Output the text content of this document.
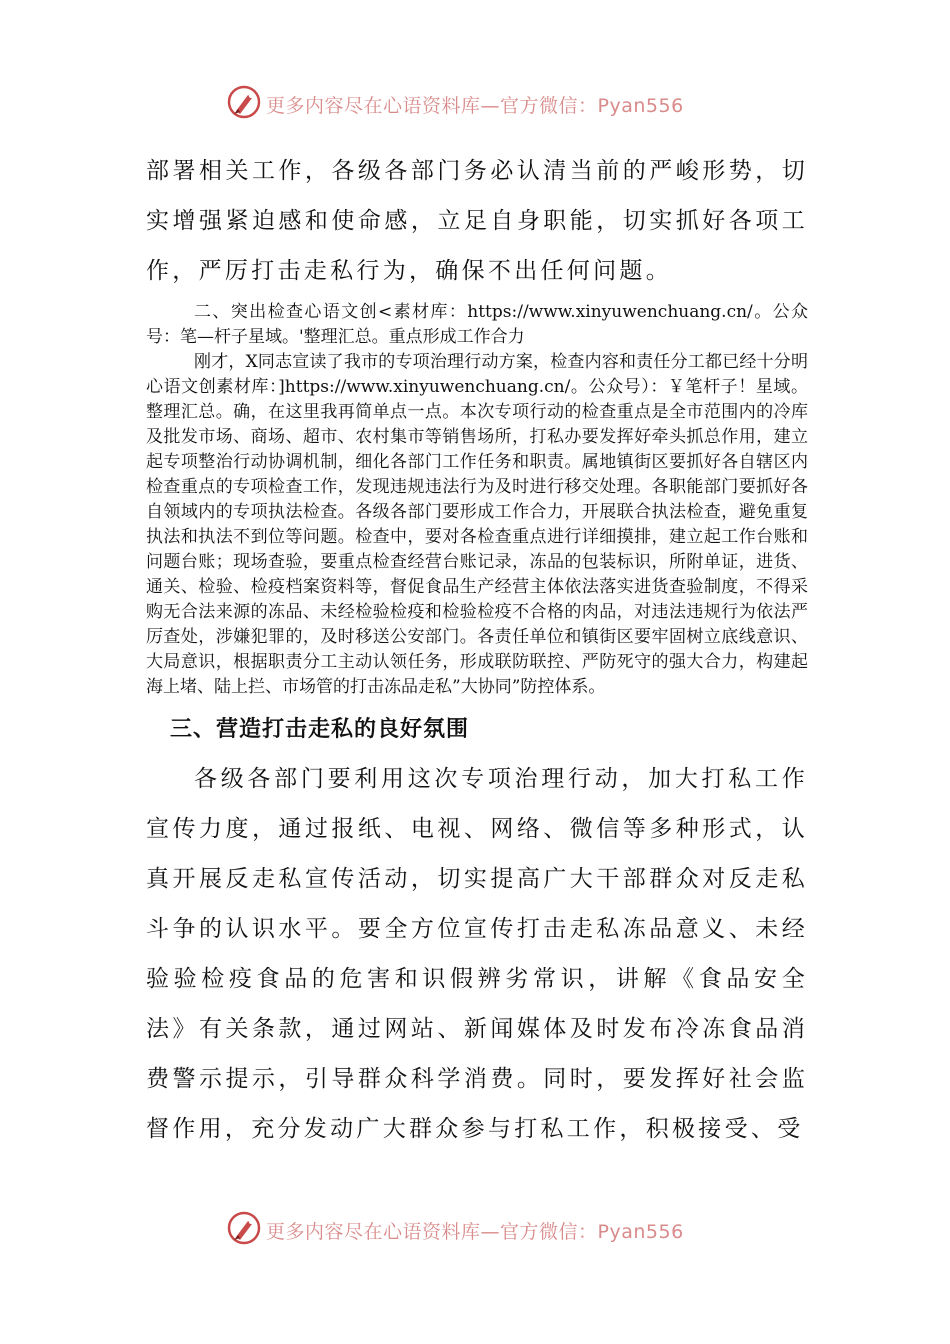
更多内容尽在心语资料库—官方微信：Pyan556

部署相关工作，各级各部门务必认清当前的严峻形势，切实增强紧迫感和使命感，立足自身职能，切实抓好各项工作，严厉打击走私行为，确保不出任何问题。

二、突出检查心语文创<素材库：https://www.xinyuwenchuang.cn/。公众号：笔—杆子星域。'整理汇总。重点形成工作合力

刚才，X同志宣读了我市的专项治理行动方案，检查内容和责任分工都已经十分明心语文创素材库：]https://www.xinyuwenchuang.cn/。公众号）：￥笔杆子！星域。整理汇总。确，在这里我再简单点一点。本次专项行动的检查重点是全市范围内的冷库及批发市场、商场、超市、农村集市等销售场所，打私办要发挥好牵头抓总作用，建立起专项整治行动协调机制，细化各部门工作任务和职责。属地镇街区要抓好各自辖区内检查重点的专项检查工作，发现违规违法行为及时进行移交处理。各职能部门要抓好各自领域内的专项执法检查。各级各部门要形成工作合力，开展联合执法检查，避免重复执法和执法不到位等问题。检查中，要对各检查重点进行详细摸排，建立起工作台账和问题台账；现场查验，要重点检查经营台账记录，冻品的包装标识，所附单证，进货、通关、检验、检疫档案资料等，督促食品生产经营主体依法落实进货查验制度，不得采购无合法来源的冻品、未经检验检疫和检验检疫不合格的肉品，对违法违规行为依法严厉查处，涉嫌犯罪的，及时移送公安部门。各责任单位和镇街区要牢固树立底线意识、大局意识，根据职责分工主动认领任务，形成联防联控、严防死守的强大合力，构建起海上堵、陆上拦、市场管的打击冻品走私”大协同”防控体系。

三、营造打击走私的良好氛围

各级各部门要利用这次专项治理行动，加大打私工作宣传力度，通过报纸、电视、网络、微信等多种形式，认真开展反走私宣传活动，切实提高广大干部群众对反走私斗争的认识水平。要全方位宣传打击走私冻品意义、未经验验检疫食品的危害和识假辨劣常识，讲解《食品安全法》有关条款，通过网站、新闻媒体及时发布冷冻食品消费警示提示，引导群众科学消费。同时，要发挥好社会监督作用，充分发动广大群众参与打私工作，积极接受、受

更多内容尽在心语资料库—官方微信：Pyan556
